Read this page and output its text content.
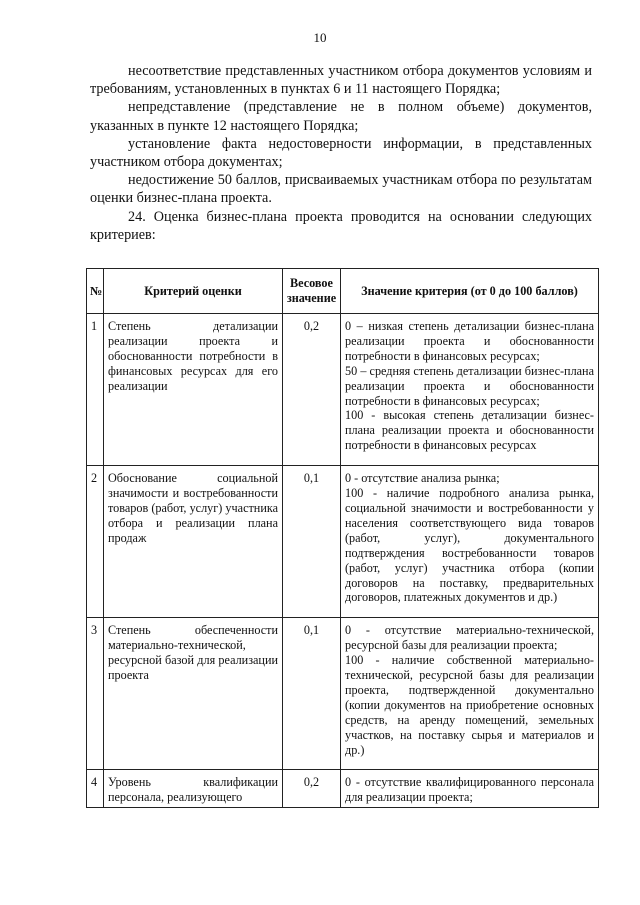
10

несоответствие представленных участником отбора документов условиям и требованиям, установленных в пунктах 6 и 11 настоящего Порядка;

непредставление (представление не в полном объеме) документов, указанных в пункте 12 настоящего Порядка;

установление факта недостоверности информации, в представленных участником отбора документах;

недостижение 50 баллов, присваиваемых участникам отбора по результатам оценки бизнес-плана проекта.

24. Оценка бизнес-плана проекта проводится на основании следующих критериев:

№	Критерий оценки	Весовое значение	Значение критерия (от 0 до 100 баллов)
1	Степень детализации реализации проекта и обоснованности потребности в финансовых ресурсах для его реализации	0,2	0 – низкая степень детализации бизнес-плана реализации проекта и обоснованности потребности в финансовых ресурсах;
50 – средняя степень детализации бизнес-плана реализации проекта и обоснованности потребности в финансовых ресурсах;
100 - высокая степень детализации бизнес-плана реализации проекта и обоснованности потребности в финансовых ресурсах

2	Обоснование социальной значимости и востребованности товаров (работ, услуг) участника отбора и реализации плана продаж	0,1	0 - отсутствие анализа рынка;
100 - наличие подробного анализа рынка, социальной значимости и востребованности у населения соответствующего вида товаров (работ, услуг), документального подтверждения востребованности товаров (работ, услуг) участника отбора (копии договоров на поставку, предварительных договоров, платежных документов и др.)

3	Степень обеспеченности материально-технической, ресурсной базой для реализации проекта	0,1	0 - отсутствие материально-технической, ресурсной базы для реализации проекта;
100 - наличие собственной материально-технической, ресурсной базы для реализации проекта, подтвержденной документально (копии документов на приобретение основных средств, на аренду помещений, земельных участков, на поставку сырья и материалов и др.)

4	Уровень квалификации персонала, реализующего	0,2	0 - отсутствие квалифицированного персонала для реализации проекта;
